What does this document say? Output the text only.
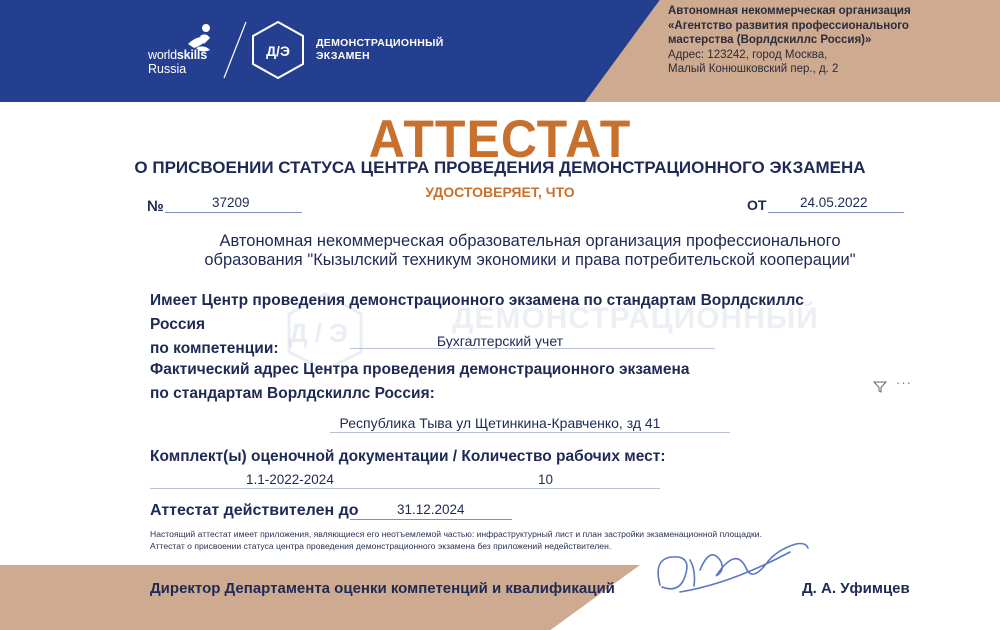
worldskills
Russia
Д/Э ДЕМОНСТРАЦИОННЫЙ
ЭКЗАМЕН
Автономная некоммерческая организация
«Агентство развития профессионального
мастерства (Ворлдскиллс Россия)»
Адрес: 123242, город Москва,
Малый Конюшковский пер., д. 2
Д / Э	ДЕМОНСТРАЦИОННЫЙ
АТТЕСТАТ
О ПРИСВОЕНИИ СТАТУСА ЦЕНТРА ПРОВЕДЕНИЯ ДЕМОНСТРАЦИОННОГО ЭКЗАМЕНА
УДОСТОВЕРЯЕТ, ЧТО
№	37209	ОТ 24.05.2022
Автономная некоммерческая образовательная организация профессионального
образования "Кызылский техникум экономики и права потребительской кооперации"
Имеет Центр проведения демонстрационного экзамена по стандартам Ворлдскиллс Россия
по компетенции:	Бухгалтерский учет
Фактический адрес Центра проведения демонстрационного экзамена
по стандартам Ворлдскиллс Россия:
···
Республика Тыва ул Щетинкина-Кравченко, зд 41
Комплект(ы) оценочной документации / Количество рабочих мест:
1.1-2022-2024	10
Аттестат действителен до	31.12.2024
Настоящий аттестат имеет приложения, являющиеся его неотъемлемой частью: инфраструктурный лист и план застройки экзаменационной площадки.
Аттестат о присвоении статуса центра проведения демонстрационного экзамена без приложений недействителен.
Директор Департамента оценки компетенций и квалификаций	Д. А. Уфимцев
